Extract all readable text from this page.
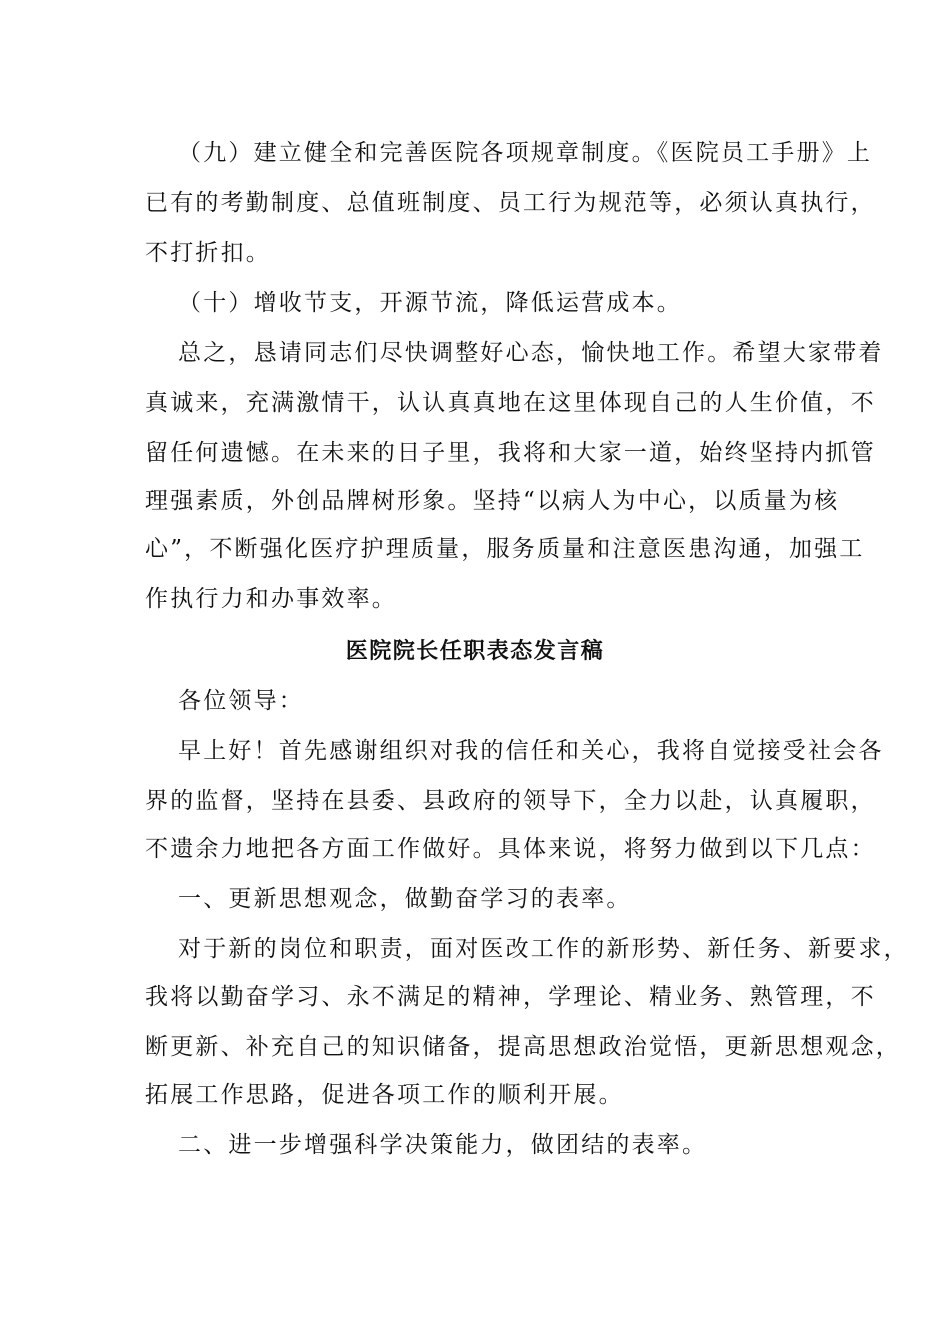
（九）建立健全和完善医院各项规章制度。《医院员工手册》上
已有的考勤制度、总值班制度、员工行为规范等，必须认真执行，
不打折扣。
（十）增收节支，开源节流，降低运营成本。
总之，恳请同志们尽快调整好心态，愉快地工作。希望大家带着
真诚来，充满激情干，认认真真地在这里体现自己的人生价值，不
留任何遗憾。在未来的日子里，我将和大家一道，始终坚持内抓管
理强素质，外创品牌树形象。坚持“以病人为中心，以质量为核
心”，不断强化医疗护理质量，服务质量和注意医患沟通，加强工
作执行力和办事效率。
医院院长任职表态发言稿
各位领导：
早上好！首先感谢组织对我的信任和关心，我将自觉接受社会各
界的监督，坚持在县委、县政府的领导下，全力以赴，认真履职，
不遗余力地把各方面工作做好。具体来说，将努力做到以下几点：
一、更新思想观念，做勤奋学习的表率。
对于新的岗位和职责，面对医改工作的新形势、新任务、新要求，
我将以勤奋学习、永不满足的精神，学理论、精业务、熟管理，不
断更新、补充自己的知识储备，提高思想政治觉悟，更新思想观念，
拓展工作思路，促进各项工作的顺利开展。
二、进一步增强科学决策能力，做团结的表率。
